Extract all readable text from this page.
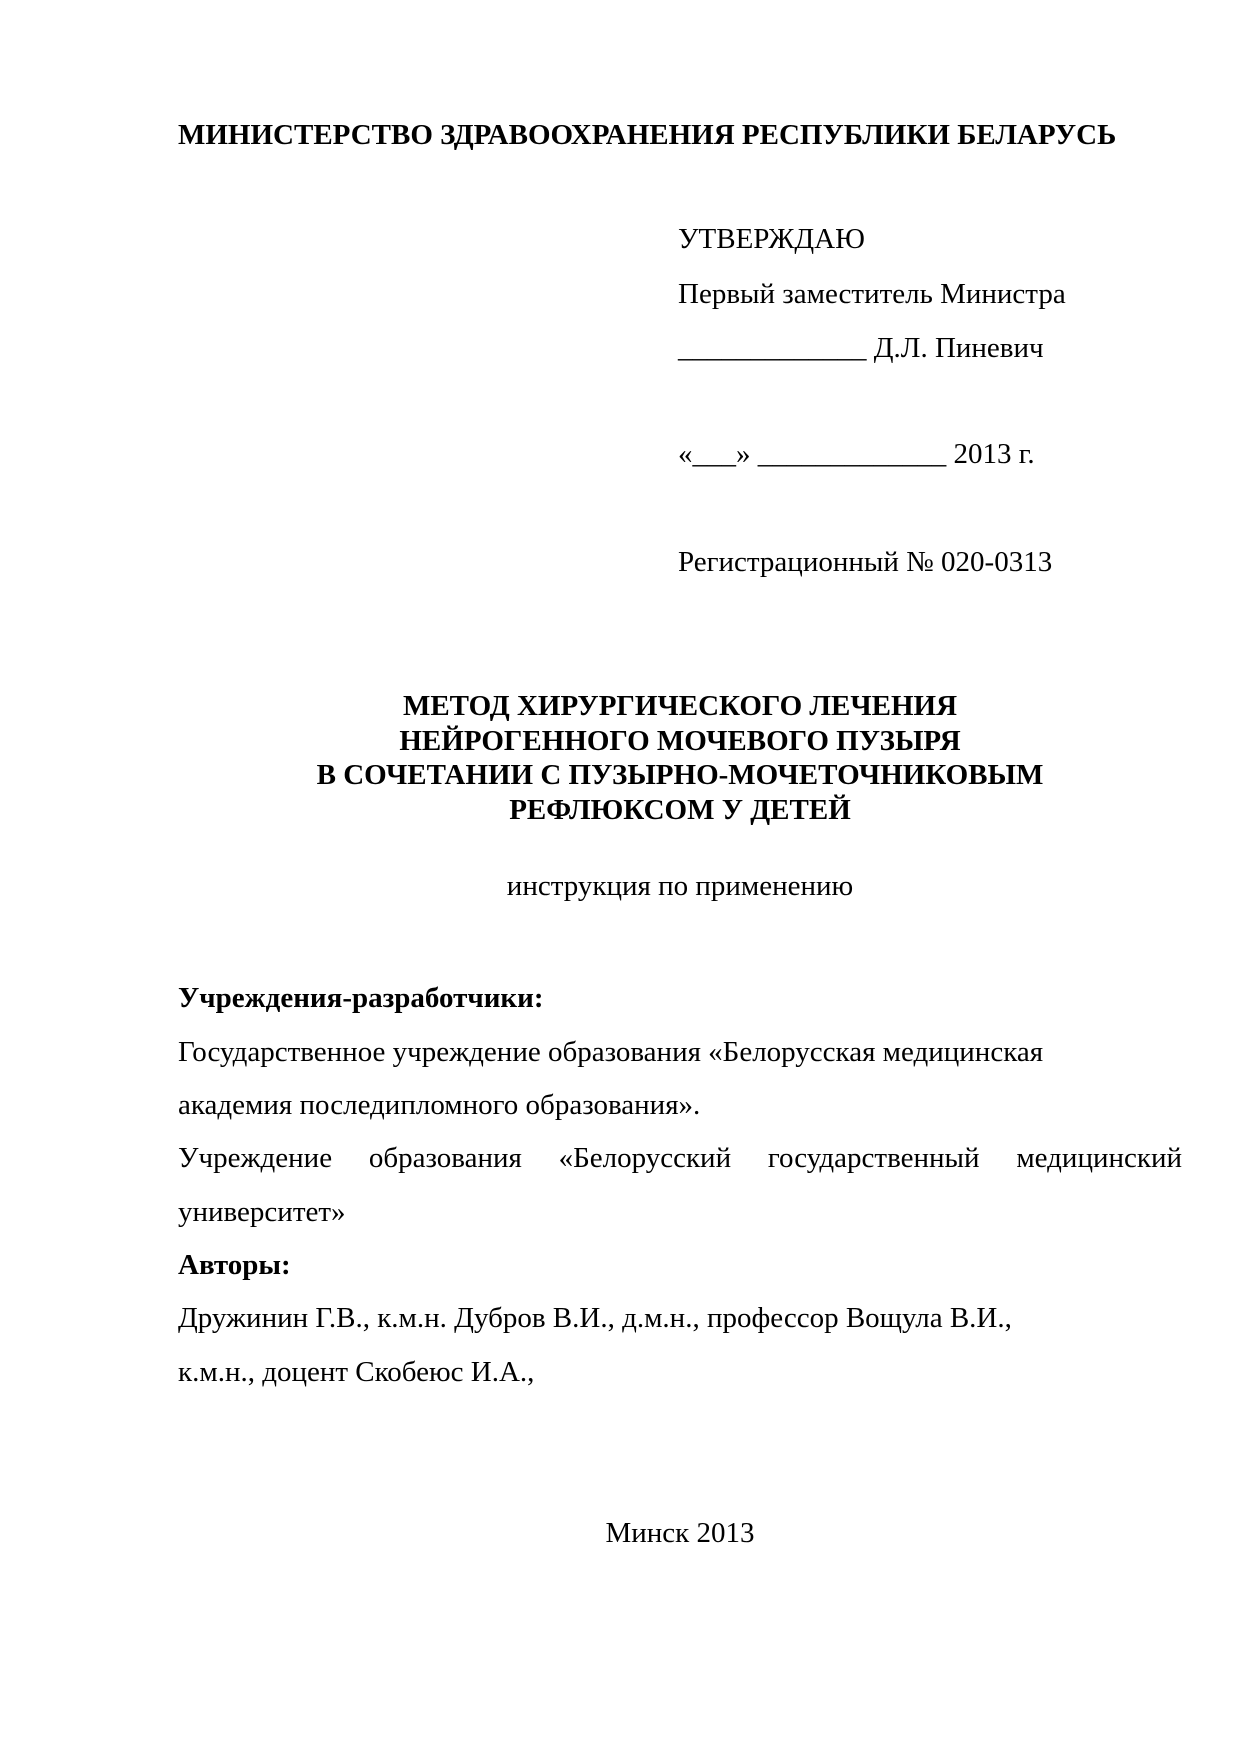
МИНИСТЕРСТВО ЗДРАВООХРАНЕНИЯ РЕСПУБЛИКИ БЕЛАРУСЬ
УТВЕРЖДАЮ
Первый заместитель Министра
_____________ Д.Л. Пиневич
«___» _____________ 2013 г.
Регистрационный № 020-0313
МЕТОД ХИРУРГИЧЕСКОГО ЛЕЧЕНИЯ
НЕЙРОГЕННОГО МОЧЕВОГО ПУЗЫРЯ
В СОЧЕТАНИИ С ПУЗЫРНО-МОЧЕТОЧНИКОВЫМ
РЕФЛЮКСОМ У ДЕТЕЙ
инструкция по применению
Учреждения-разработчики:
Государственное учреждение образования «Белорусская медицинская
академия последипломного образования».
Учреждение образования «Белорусский государственный медицинский
университет»
Авторы:
Дружинин Г.В., к.м.н. Дубров В.И., д.м.н., профессор Вощула В.И.,
к.м.н., доцент Скобеюс И.А.,
Минск 2013
